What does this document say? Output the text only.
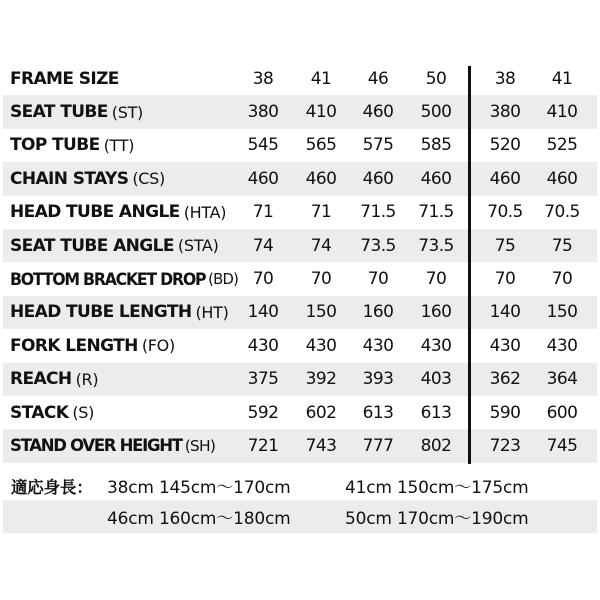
FRAME SIZE	38	41	46	50	38	41
SEAT TUBE (ST)	380	410	460	500	380	410
TOP TUBE (TT)	545	565	575	585	520	525
CHAIN STAYS (CS)	460	460	460	460	460	460
HEAD TUBE ANGLE (HTA)	71	71	71.5	71.5	70.5	70.5
SEAT TUBE ANGLE (STA)	74	74	73.5	73.5	75	75
BOTTOM BRACKET DROP (BD) 70	70	70	70	70	70
HEAD TUBE LENGTH (HT)	140	150	160	160	140	150
FORK LENGTH (FO)	430	430	430	430	430	430
REACH (R)	375	392	393	403	362	364
STACK (S)	592	602	613	613	590	600
STAND OVER HEIGHT (SH)	721	743	777	802	723	745
適応身長： 38cm 145cm〜170cm	41cm 150cm〜175cm
46cm 160cm〜180cm	50cm 170cm〜190cm
